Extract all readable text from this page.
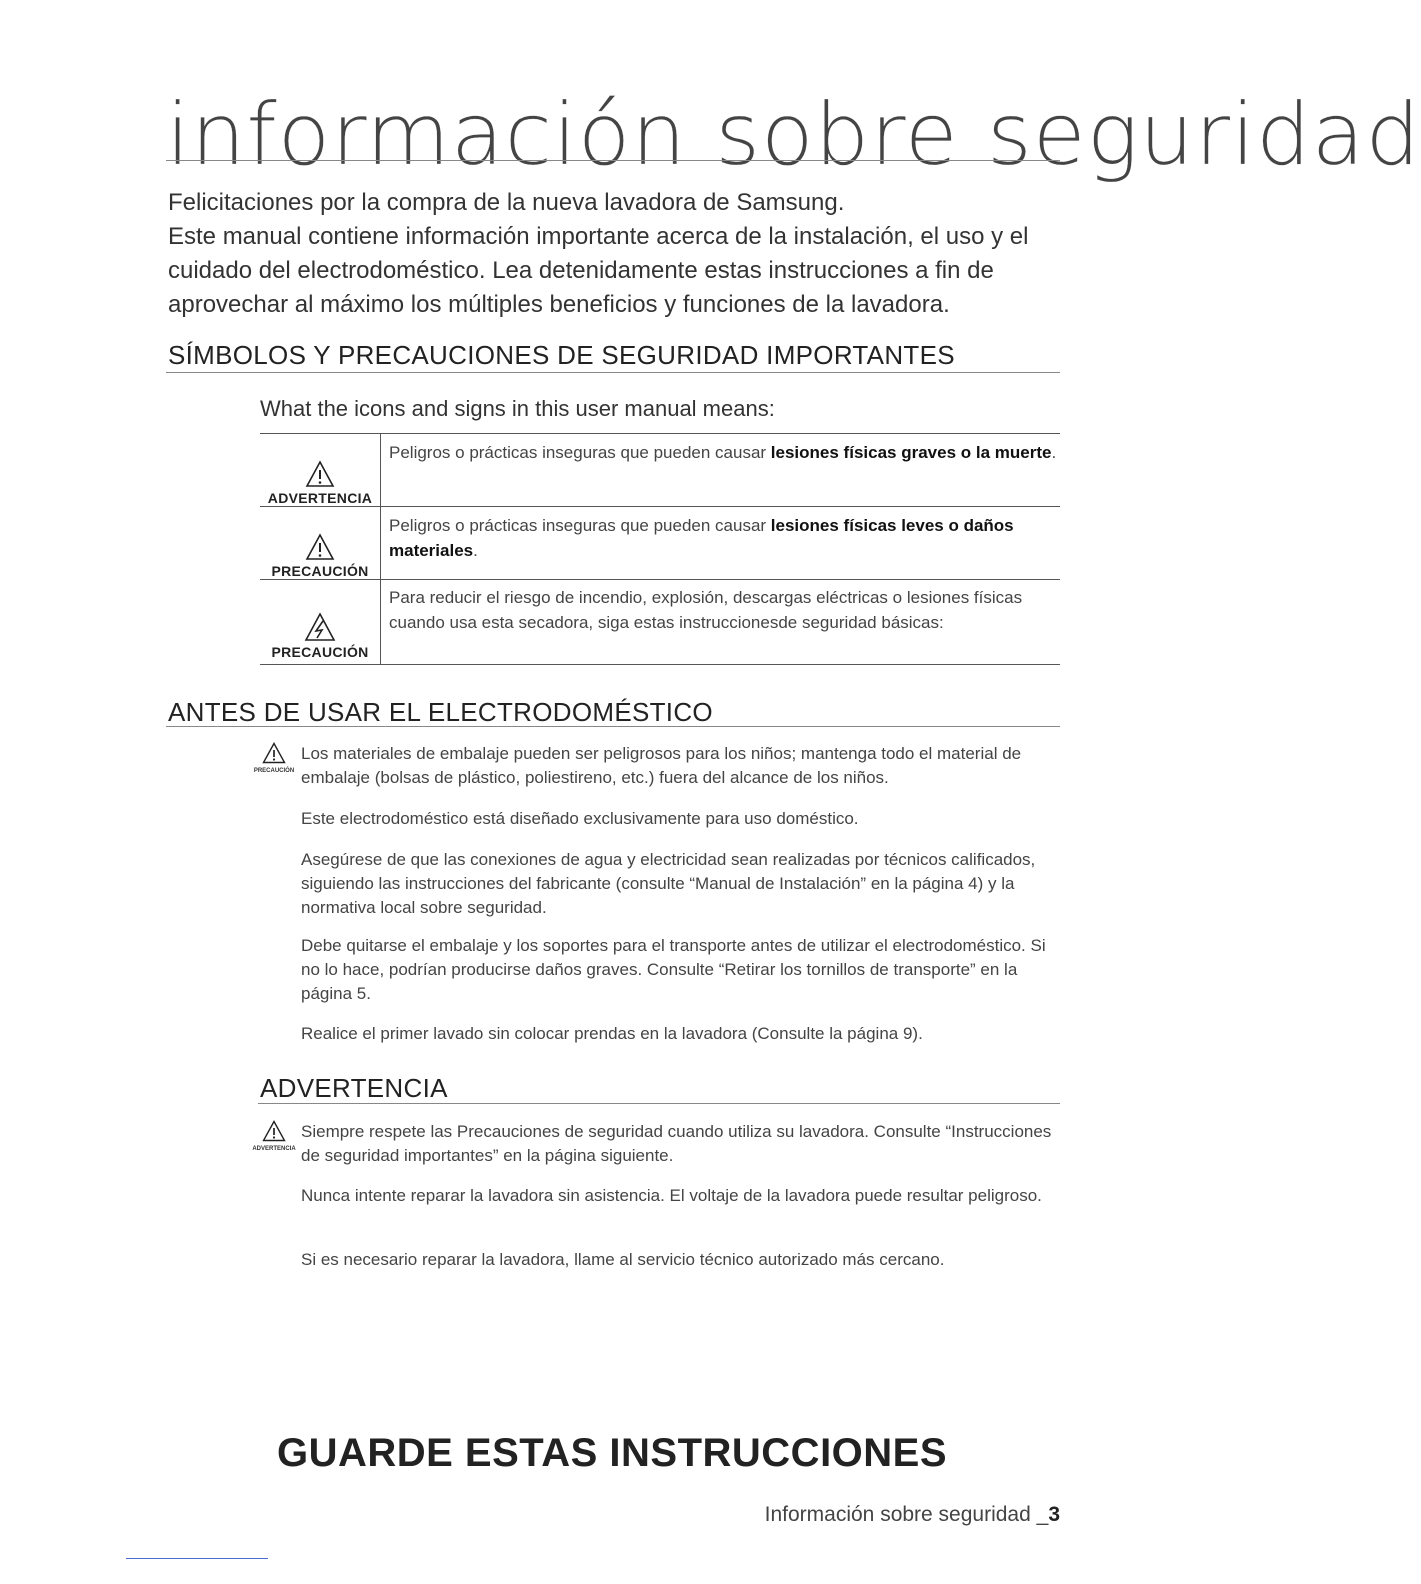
información sobre seguridad

Felicitaciones por la compra de la nueva lavadora de Samsung.

Este manual contiene información importante acerca de la instalación, el uso y el cuidado del electrodoméstico. Lea detenidamente estas instrucciones a fin de aprovechar al máximo los múltiples beneficios y funciones de la lavadora.

SÍMBOLOS Y PRECAUCIONES DE SEGURIDAD IMPORTANTES

What the icons and signs in this user manual means:

ADVERTENCIA	Peligros o prácticas inseguras que pueden causar lesiones físicas graves o la muerte.

PRECAUCIÓN	Peligros o prácticas inseguras que pueden causar lesiones físicas leves o daños materiales.

PRECAUCIÓN	Para reducir el riesgo de incendio, explosión, descargas eléctricas o lesiones físicas cuando usa esta secadora, siga estas instruccionesde seguridad básicas:
ANTES DE USAR EL ELECTRODOMÉSTICO
PRECAUCIÓN

Los materiales de embalaje pueden ser peligrosos para los niños; mantenga todo el material de embalaje (bolsas de plástico, poliestireno, etc.) fuera del alcance de los niños.

Este electrodoméstico está diseñado exclusivamente para uso doméstico.

Asegúrese de que las conexiones de agua y electricidad sean realizadas por técnicos calificados, siguiendo las instrucciones del fabricante (consulte “Manual de Instalación” en la página 4) y la normativa local sobre seguridad.

Debe quitarse el embalaje y los soportes para el transporte antes de utilizar el electrodoméstico. Si no lo hace, podrían producirse daños graves. Consulte “Retirar los tornillos de transporte” en la página 5.

Realice el primer lavado sin colocar prendas en la lavadora (Consulte la página 9).

ADVERTENCIA
ADVERTENCIA

Siempre respete las Precauciones de seguridad cuando utiliza su lavadora. Consulte “Instrucciones de seguridad importantes” en la página siguiente.

Nunca intente reparar la lavadora sin asistencia. El voltaje de la lavadora puede resultar peligroso.

Si es necesario reparar la lavadora, llame al servicio técnico autorizado más cercano.

GUARDE ESTAS INSTRUCCIONES

Información sobre seguridad _3
